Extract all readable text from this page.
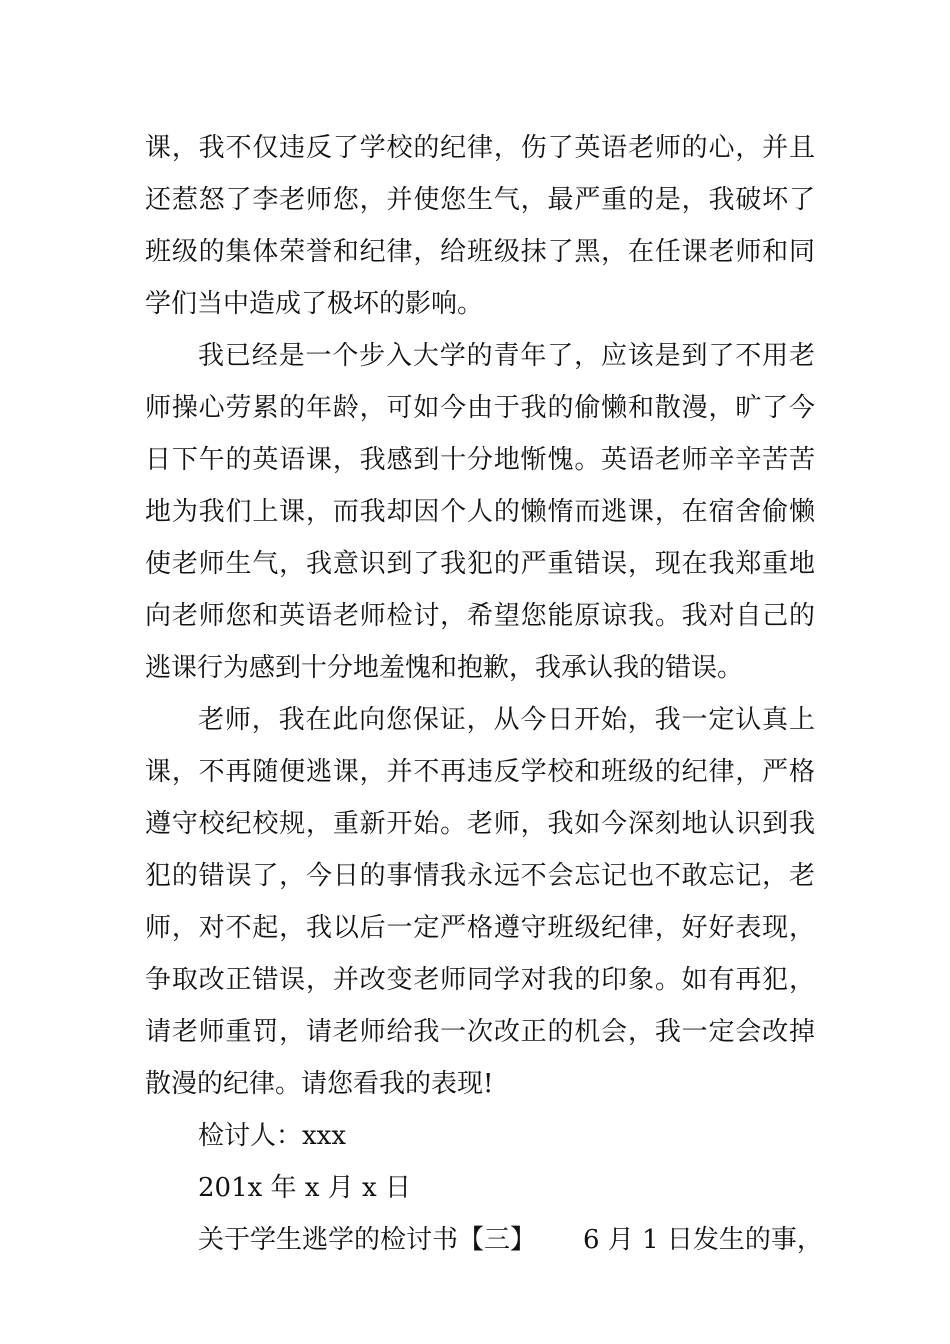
课，我不仅违反了学校的纪律，伤了英语老师的心，并且
还惹怒了李老师您，并使您生气，最严重的是，我破坏了
班级的集体荣誉和纪律，给班级抹了黑，在任课老师和同
学们当中造成了极坏的影响。
我已经是一个步入大学的青年了，应该是到了不用老
师操心劳累的年龄，可如今由于我的偷懒和散漫，旷了今
日下午的英语课，我感到十分地惭愧。英语老师辛辛苦苦
地为我们上课，而我却因个人的懒惰而逃课，在宿舍偷懒
使老师生气，我意识到了我犯的严重错误，现在我郑重地
向老师您和英语老师检讨，希望您能原谅我。我对自己的
逃课行为感到十分地羞愧和抱歉，我承认我的错误。
老师，我在此向您保证，从今日开始，我一定认真上
课，不再随便逃课，并不再违反学校和班级的纪律，严格
遵守校纪校规，重新开始。老师，我如今深刻地认识到我
犯的错误了，今日的事情我永远不会忘记也不敢忘记，老
师，对不起，我以后一定严格遵守班级纪律，好好表现，
争取改正错误，并改变老师同学对我的印象。如有再犯，
请老师重罚，请老师给我一次改正的机会，我一定会改掉
散漫的纪律。请您看我的表现!
检讨人：xxx
201x 年 x 月 x 日
关于学生逃学的检讨书【三】 6 月 1 日发生的事，
